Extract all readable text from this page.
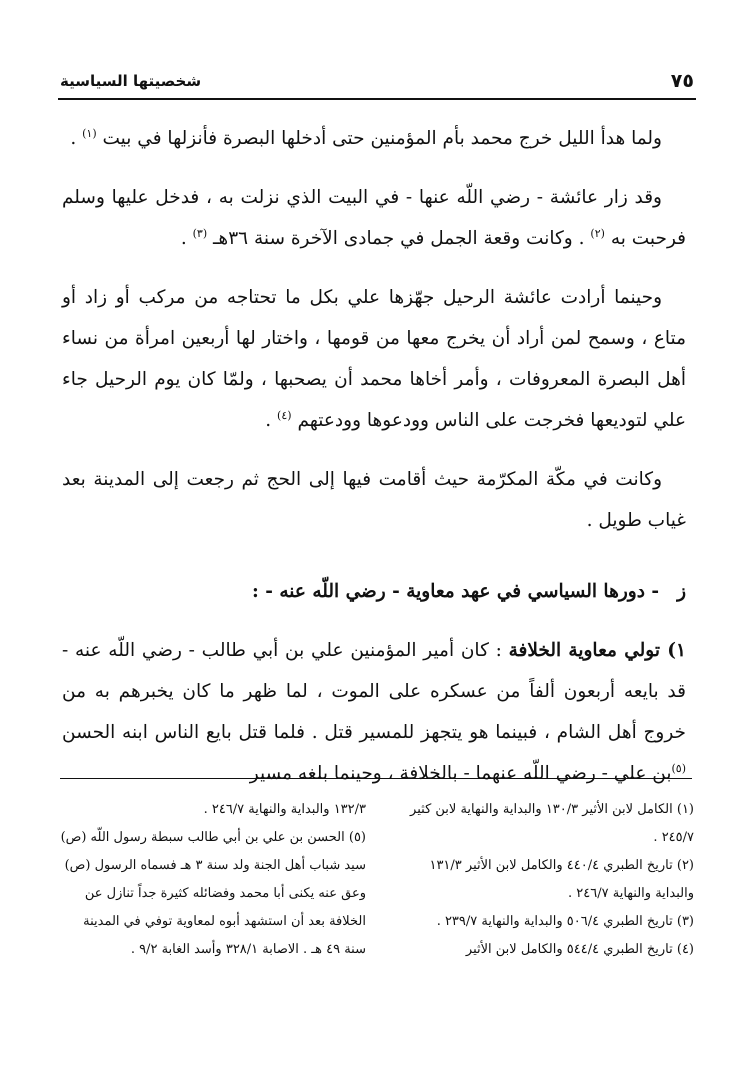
٧٥
شخصيتها السياسية

ولما هدأ الليل خرج محمد بأم المؤمنين حتى أدخلها البصرة فأنزلها في بيت $^{(١)}$ .

وقد زار عائشة - رضي اللّه عنها - في البيت الذي نزلت به ، فدخل عليها وسلم فرحبت به $^{(٢)}$ . وكانت وقعة الجمل في جمادى الآخرة سنة ٣٦هـ $^{(٣)}$ .

وحينما أرادت عائشة الرحيل جهّزها علي بكل ما تحتاجه من مركب أو زاد أو متاع ، وسمح لمن أراد أن يخرج معها من قومها ، واختار لها أربعين امرأة من نساء أهل البصرة المعروفات ، وأمر أخاها محمد أن يصحبها ، ولمّا كان يوم الرحيل جاء علي لتوديعها فخرجت على الناس وودعوها وودعتهم $^{(٤)}$ .

وكانت في مكّة المكرّمة حيث أقامت فيها إلى الحج ثم رجعت إلى المدينة بعد غياب طويل .

ز
- دورها السياسي في عهد معاوية - رضي اللّه عنه - :

١) تولي معاوية الخلافة : كان أمير المؤمنين علي بن أبي طالب - رضي اللّه عنه - قد بايعه أربعون ألفاً من عسكره على الموت ، لما ظهر ما كان يخبرهم به من خروج أهل الشام ، فبينما هو يتجهز للمسير قتل . فلما قتل بايع الناس ابنه الحسن $^{(٥)}$بن علي - رضي اللّه عنهما - بالخلافة ، وحينما بلغه مسير

(١) الكامل لابن الأثير ١٣٠/٣ والبداية والنهاية لابن كثير ٢٤٥/٧ .

(٢) تاريخ الطبري ٤٤٠/٤ والكامل لابن الأثير ١٣١/٣ والبداية والنهاية ٢٤٦/٧ .

(٣) تاريخ الطبري ٥٠٦/٤ والبداية والنهاية ٢٣٩/٧ .

(٤) تاريخ الطبري ٥٤٤/٤ والكامل لابن الأثير

١٣٢/٣ والبداية والنهاية ٢٤٦/٧ .

(٥) الحسن بن علي بن أبي طالب سبطة رسول اللّه (ص) سيد شباب أهل الجنة ولد سنة ٣ هـ فسماه الرسول (ص) وعق عنه يكنى أبا محمد وفضائله كثيرة جداً تنازل عن الخلافة بعد أن استشهد أبوه لمعاوية توفي في المدينة سنة ٤٩ هـ . الاصابة ٣٢٨/١ وأسد الغابة ٩/٢ .
